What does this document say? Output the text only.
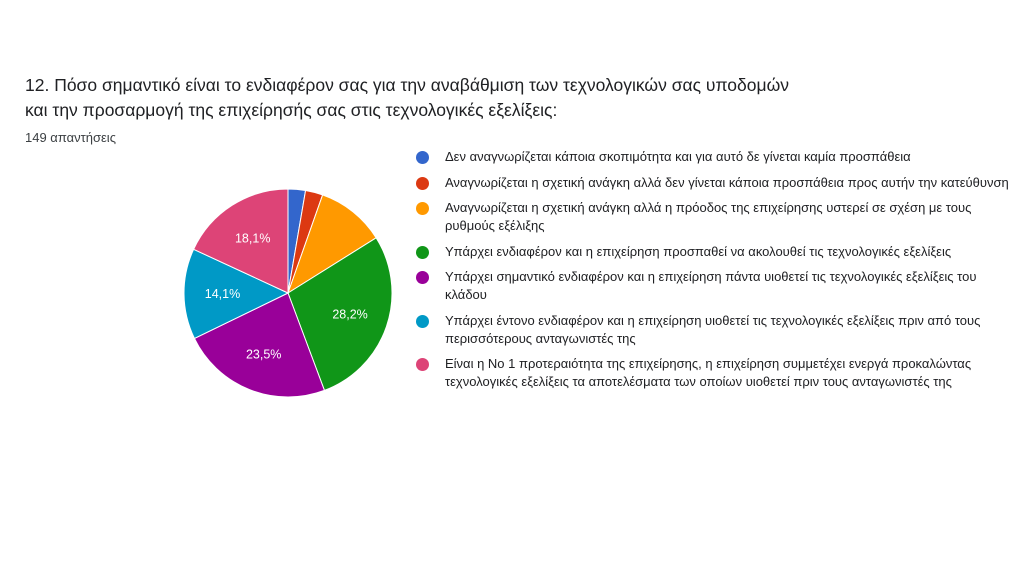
12. Πόσο σημαντικό είναι το ενδιαφέρον σας για την αναβάθμιση των τεχνολογικών σας υποδομών και την προσαρμογή της επιχείρησής σας στις τεχνολογικές εξελίξεις:
149 απαντήσεις
28,2%
23,5%
14,1%
18,1%
Δεν αναγνωρίζεται κάποια σκοπιμότητα και για αυτό δε γίνεται καμία προσπάθεια
Αναγνωρίζεται η σχετική ανάγκη αλλά δεν γίνεται κάποια προσπάθεια προς αυτήν την κατεύθυνση
Αναγνωρίζεται η σχετική ανάγκη αλλά η πρόοδος της επιχείρησης υστερεί σε σχέση με τους ρυθμούς εξέλιξης
Υπάρχει ενδιαφέρον και η επιχείρηση προσπαθεί να ακολουθεί τις τεχνολογικές εξελίξεις
Υπάρχει σημαντικό ενδιαφέρον και η επιχείρηση πάντα υιοθετεί τις τεχνολογικές εξελίξεις του κλάδου
Υπάρχει έντονο ενδιαφέρον και η επιχείρηση υιοθετεί τις τεχνολογικές εξελίξεις πριν από τους περισσότερους ανταγωνιστές της
Είναι η Νο 1 προτεραιότητα της επιχείρησης, η επιχείρηση συμμετέχει ενεργά προκαλώντας τεχνολογικές εξελίξεις τα αποτελέσματα των οποίων υιοθετεί πριν τους ανταγωνιστές της
